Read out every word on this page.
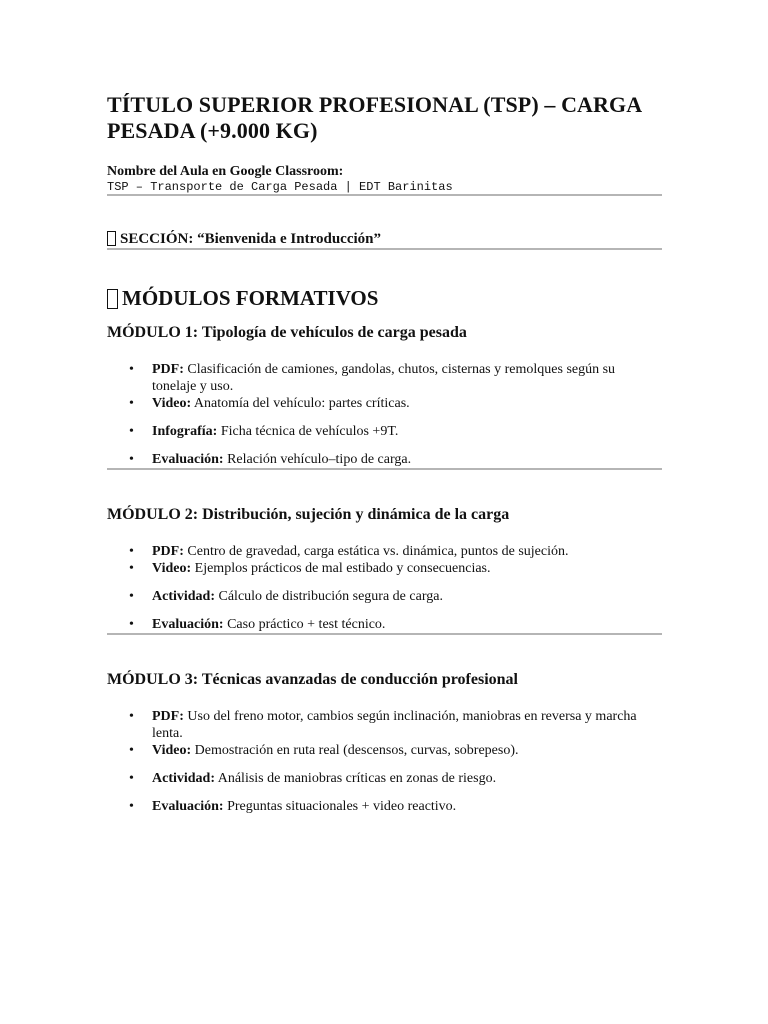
TÍTULO SUPERIOR PROFESIONAL (TSP) – CARGA PESADA (+9.000 KG)
Nombre del Aula en Google Classroom:
TSP – Transporte de Carga Pesada | EDT Barinitas
SECCIÓN: “Bienvenida e Introducción”
MÓDULOS FORMATIVOS
MÓDULO 1: Tipología de vehículos de carga pesada
• PDF: Clasificación de camiones, gandolas, chutos, cisternas y remolques según su tonelaje y uso.
• Video: Anatomía del vehículo: partes críticas.
• Infografía: Ficha técnica de vehículos +9T.
• Evaluación: Relación vehículo–tipo de carga.
MÓDULO 2: Distribución, sujeción y dinámica de la carga
• PDF: Centro de gravedad, carga estática vs. dinámica, puntos de sujeción.
• Video: Ejemplos prácticos de mal estibado y consecuencias.
• Actividad: Cálculo de distribución segura de carga.
• Evaluación: Caso práctico + test técnico.
MÓDULO 3: Técnicas avanzadas de conducción profesional
• PDF: Uso del freno motor, cambios según inclinación, maniobras en reversa y marcha lenta.
• Video: Demostración en ruta real (descensos, curvas, sobrepeso).
• Actividad: Análisis de maniobras críticas en zonas de riesgo.
• Evaluación: Preguntas situacionales + video reactivo.
